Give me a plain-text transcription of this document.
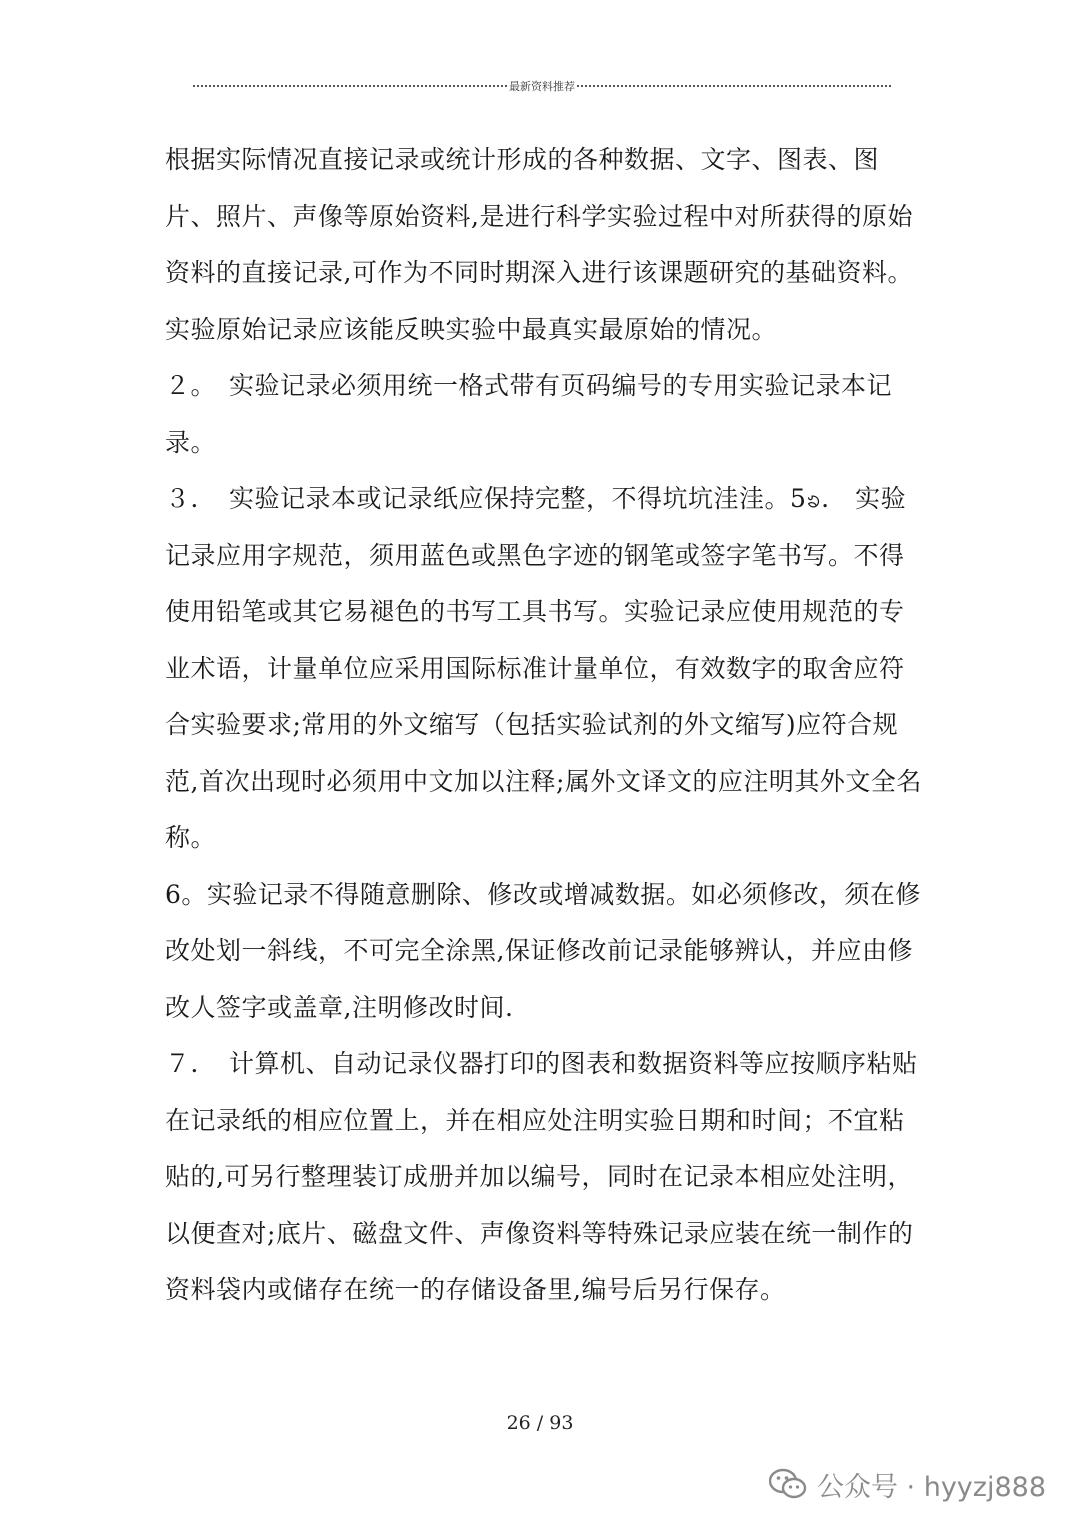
最新资料推荐

根据实际情况直接记录或统计形成的各种数据、文字、图表、图片、照片、声像等原始资料,是进行科学实验过程中对所获得的原始资料的直接记录,可作为不同时期深入进行该课题研究的基础资料。实验原始记录应该能反映实验中最真实最原始的情况。

２。　实验记录必须用统一格式带有页码编号的专用实验记录本记录。

３．　实验记录本或记录纸应保持完整，不得坑坑洼洼。5ၶ.　实验记录应用字规范，须用蓝色或黑色字迹的钢笔或签字笔书写。不得使用铅笔或其它易褪色的书写工具书写。实验记录应使用规范的专业术语，计量单位应采用国际标准计量单位，有效数字的取舍应符合实验要求;常用的外文缩写（包括实验试剂的外文缩写)应符合规范,首次出现时必须用中文加以注释;属外文译文的应注明其外文全名称。

6。实验记录不得随意删除、修改或增减数据。如必须修改，须在修改处划一斜线，不可完全涂黑,保证修改前记录能够辨认，并应由修改人签字或盖章,注明修改时间.

７．　计算机、自动记录仪器打印的图表和数据资料等应按顺序粘贴在记录纸的相应位置上，并在相应处注明实验日期和时间；不宜粘贴的,可另行整理装订成册并加以编号，同时在记录本相应处注明，以便查对;底片、磁盘文件、声像资料等特殊记录应装在统一制作的资料袋内或储存在统一的存储设备里,编号后另行保存。

26 / 93
公众号 · hyyzj888
